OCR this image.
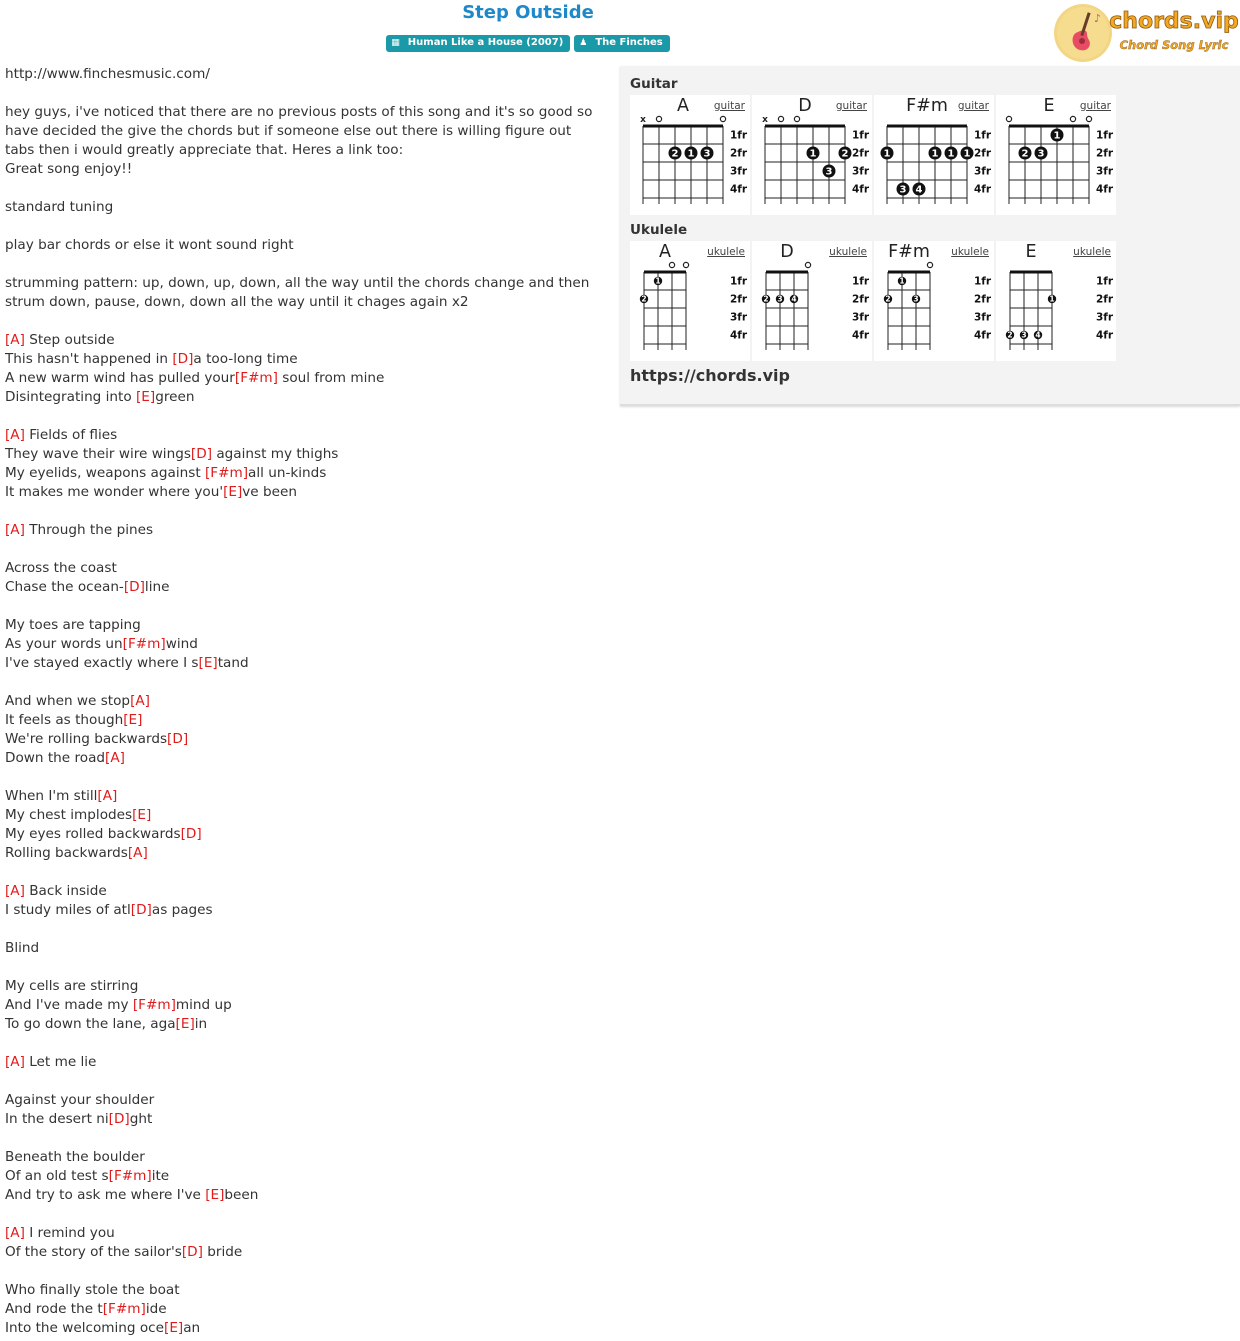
Step Outside
▦ Human Like a House (2007) ♟ The Finches
♪ chords.vip
Chord Song Lyric
http://www.finchesmusic.com/
hey guys, i've noticed that there are no previous posts of this song and it's so good so
have decided the give the chords but if someone else out there is willing figure out
tabs then i would greatly appreciate that. Heres a link too:
Great song enjoy!!
standard tuning
play bar chords or else it wont sound right
strumming pattern: up, down, up, down, all the way until the chords change and then
strum down, pause, down, down all the way until it chages again x2
[A] Step outside
This hasn't happened in [D]a too-long time
A new warm wind has pulled your[F#m] soul from mine
Disintegrating into [E]green
[A] Fields of flies
They wave their wire wings[D] against my thighs
My eyelids, weapons against [F#m]all un-kinds
It makes me wonder where you'[E]ve been
[A] Through the pines
Across the coast
Chase the ocean-[D]line
My toes are tapping
As your words un[F#m]wind
I've stayed exactly where I s[E]tand
And when we stop[A]
It feels as though[E]
We're rolling backwards[D]
Down the road[A]
When I'm still[A]
My chest implodes[E]
My eyes rolled backwards[D]
Rolling backwards[A]
[A] Back inside
I study miles of atl[D]as pages
Blind
My cells are stirring
And I've made my [F#m]mind up
To go down the lane, aga[E]in
[A] Let me lie
Against your shoulder
In the desert ni[D]ght
Beneath the boulder
Of an old test s[F#m]ite
And try to ask me where I've [E]been
[A] I remind you
Of the story of the sailor's[D] bride
Who finally stole the boat
And rode the t[F#m]ide
Into the welcoming oce[E]an
Guitar
1fr
2fr
3fr
4fr
x
2 1 3
A	guitar
1fr
2fr
3fr
4fr
x
1	2
3
D	guitar
1fr
2fr
3fr
4fr
1	1 1 1
3 4
F#m guitar
1fr
2fr
3fr
4fr
1
2 3
E	guitar
Ukulele
1fr
2fr
3fr
4fr
1
2
A	ukulele
1fr
2fr
3fr
4fr
2 3 4
D	ukulele
1fr
2fr
3fr
4fr
1
2	3
F#m	ukulele
1fr
2fr
3fr
4fr
1
2 3 4
E	ukulele
https://chords.vip
